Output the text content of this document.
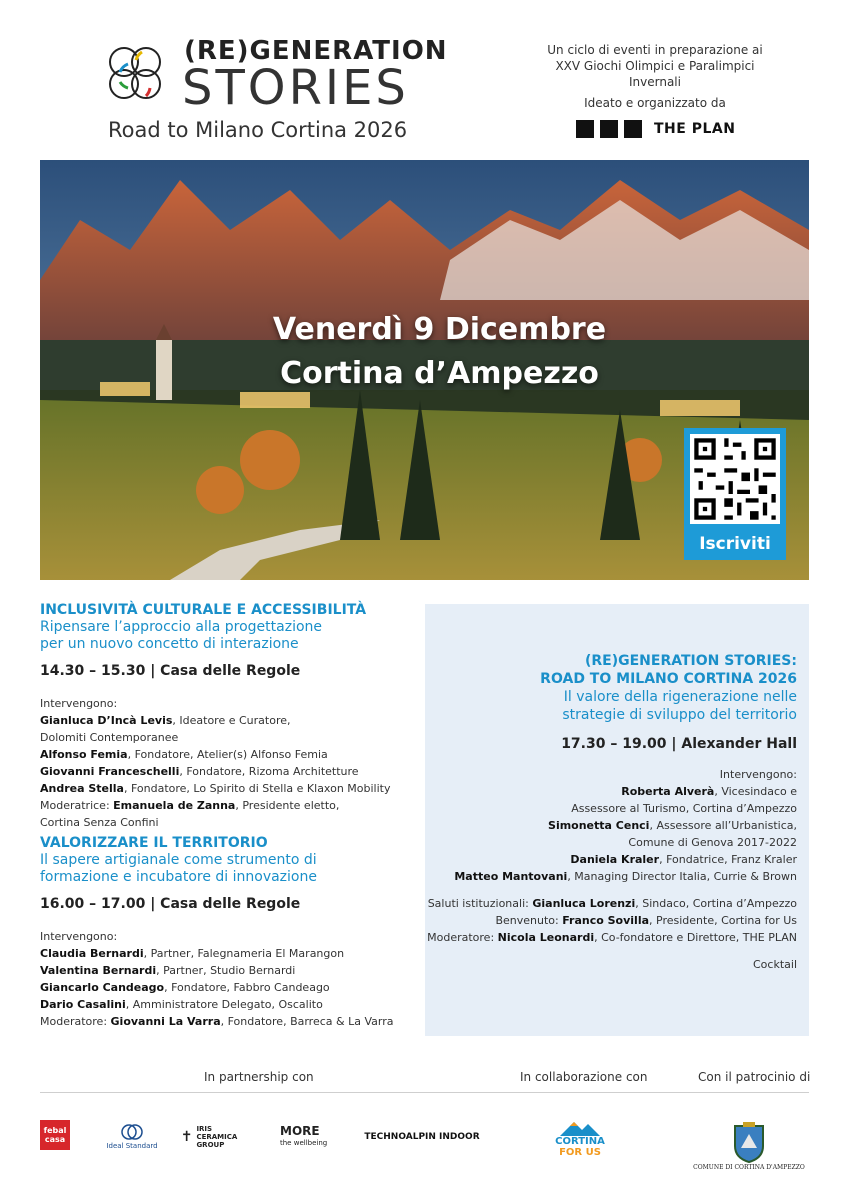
(RE)GENERATION
STORIES
Road to Milano Cortina 2026
Un ciclo di eventi in preparazione ai
XXV Giochi Olimpici e Paralimpici Invernali
Ideato e organizzato da
THE PLAN
Venerdì 9 Dicembre
Cortina d’Ampezzo
Iscriviti
INCLUSIVITÀ CULTURALE E ACCESSIBILITÀ
Ripensare l’approccio alla progettazione
per un nuovo concetto di interazione
14.30 – 15.30 | Casa delle Regole
Intervengono:
Gianluca D’Incà Levis, Ideatore e Curatore,
Dolomiti Contemporanee
Alfonso Femia, Fondatore, Atelier(s) Alfonso Femia
Giovanni Franceschelli, Fondatore, Rizoma Architetture
Andrea Stella, Fondatore, Lo Spirito di Stella e Klaxon Mobility
Moderatrice: Emanuela de Zanna, Presidente eletto,
Cortina Senza Confini
VALORIZZARE IL TERRITORIO
Il sapere artigianale come strumento di
formazione e incubatore di innovazione
16.00 – 17.00 | Casa delle Regole
Intervengono:
Claudia Bernardi, Partner, Falegnameria El Marangon
Valentina Bernardi, Partner, Studio Bernardi
Giancarlo Candeago, Fondatore, Fabbro Candeago
Dario Casalini, Amministratore Delegato, Oscalito
Moderatore: Giovanni La Varra, Fondatore, Barreca & La Varra
(RE)GENERATION STORIES:
ROAD TO MILANO CORTINA 2026
Il valore della rigenerazione nelle
strategie di sviluppo del territorio
17.30 – 19.00 | Alexander Hall
Intervengono:
Roberta Alverà, Vicesindaco e
Assessore al Turismo, Cortina d’Ampezzo
Simonetta Cenci, Assessore all’Urbanistica,
Comune di Genova 2017-2022
Daniela Kraler, Fondatrice, Franz Kraler
Matteo Mantovani, Managing Director Italia, Currie & Brown
Saluti istituzionali: Gianluca Lorenzi, Sindaco, Cortina d’Ampezzo
Benvenuto: Franco Sovilla, Presidente, Cortina for Us
Moderatore: Nicola Leonardi, Co-fondatore e Direttore, THE PLAN
Cocktail
In partnership con	In collaborazione con	Con il patrocinio di
febal
casa
Ideal Standard
✝ IRIS
CERAMICA
GROUP
MORE
the wellbeing
TECHNOALPIN INDOOR	CORTINA
FOR US
COMUNE DI CORTINA D'AMPEZZO
